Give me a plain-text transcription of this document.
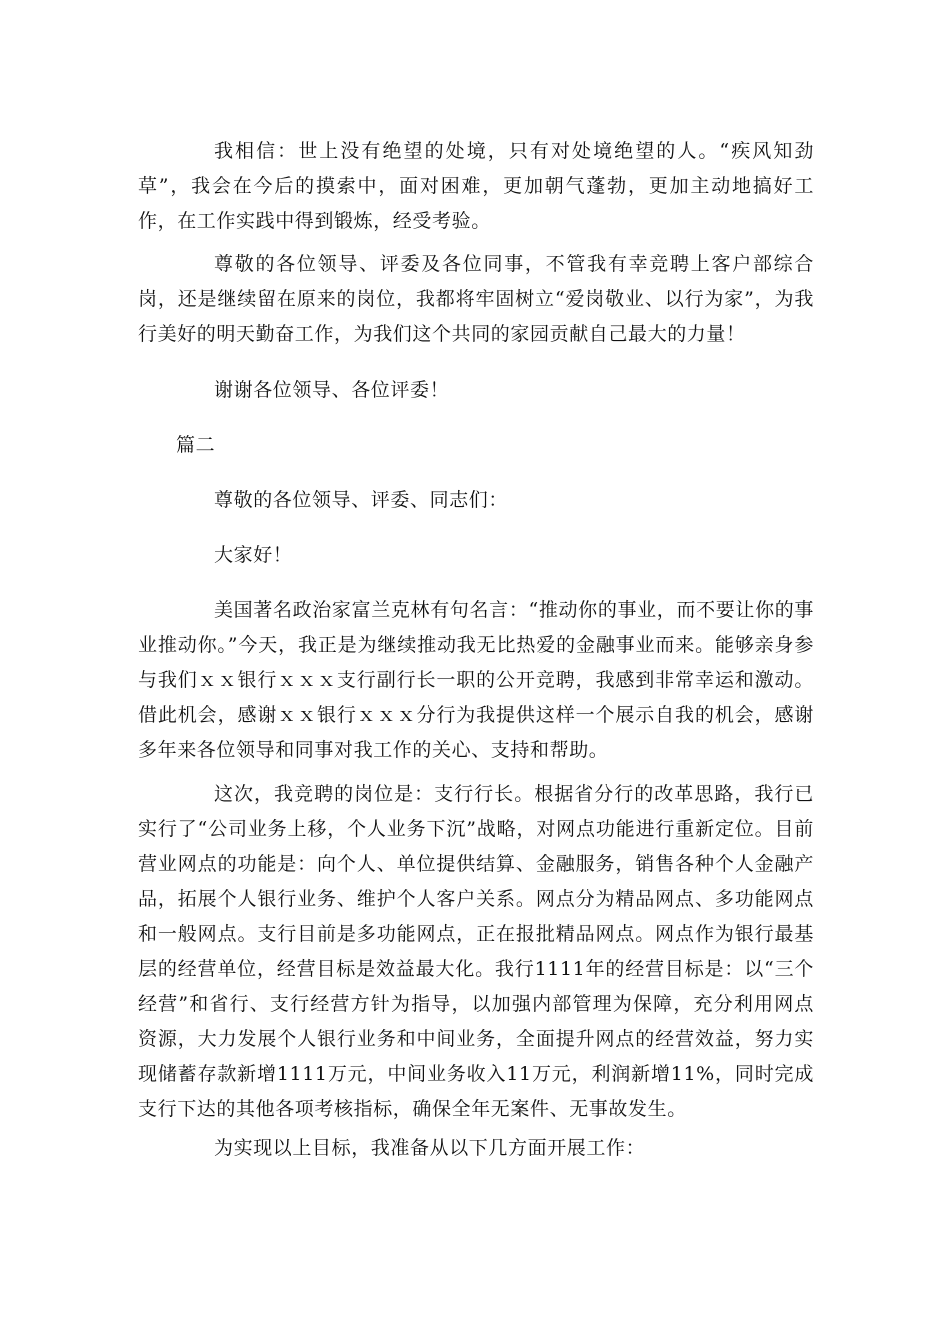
我相信：世上没有绝望的处境，只有对处境绝望的人。“疾风知劲草”，我会在今后的摸索中，面对困难，更加朝气蓬勃，更加主动地搞好工作，在工作实践中得到锻炼，经受考验。

尊敬的各位领导、评委及各位同事，不管我有幸竞聘上客户部综合岗，还是继续留在原来的岗位，我都将牢固树立“爱岗敬业、以行为家”，为我行美好的明天勤奋工作，为我们这个共同的家园贡献自己最大的力量！

谢谢各位领导、各位评委！

篇二

尊敬的各位领导、评委、同志们：

大家好！

美国著名政治家富兰克林有句名言：“推动你的事业，而不要让你的事业推动你。”今天，我正是为继续推动我无比热爱的金融事业而来。能够亲身参与我们ｘｘ银行ｘｘｘ支行副行长一职的公开竞聘，我感到非常幸运和激动。借此机会，感谢ｘｘ银行ｘｘｘ分行为我提供这样一个展示自我的机会，感谢多年来各位领导和同事对我工作的关心、支持和帮助。

这次，我竞聘的岗位是：支行行长。根据省分行的改革思路，我行已实行了“公司业务上移，个人业务下沉”战略，对网点功能进行重新定位。目前营业网点的功能是：向个人、单位提供结算、金融服务，销售各种个人金融产品，拓展个人银行业务、维护个人客户关系。网点分为精品网点、多功能网点和一般网点。支行目前是多功能网点，正在报批精品网点。网点作为银行最基层的经营单位，经营目标是效益最大化。我行1111年的经营目标是：以“三个经营”和省行、支行经营方针为指导，以加强内部管理为保障，充分利用网点资源，大力发展个人银行业务和中间业务，全面提升网点的经营效益，努力实现储蓄存款新增1111万元，中间业务收入11万元，利润新增11%，同时完成支行下达的其他各项考核指标，确保全年无案件、无事故发生。

为实现以上目标，我准备从以下几方面开展工作：
